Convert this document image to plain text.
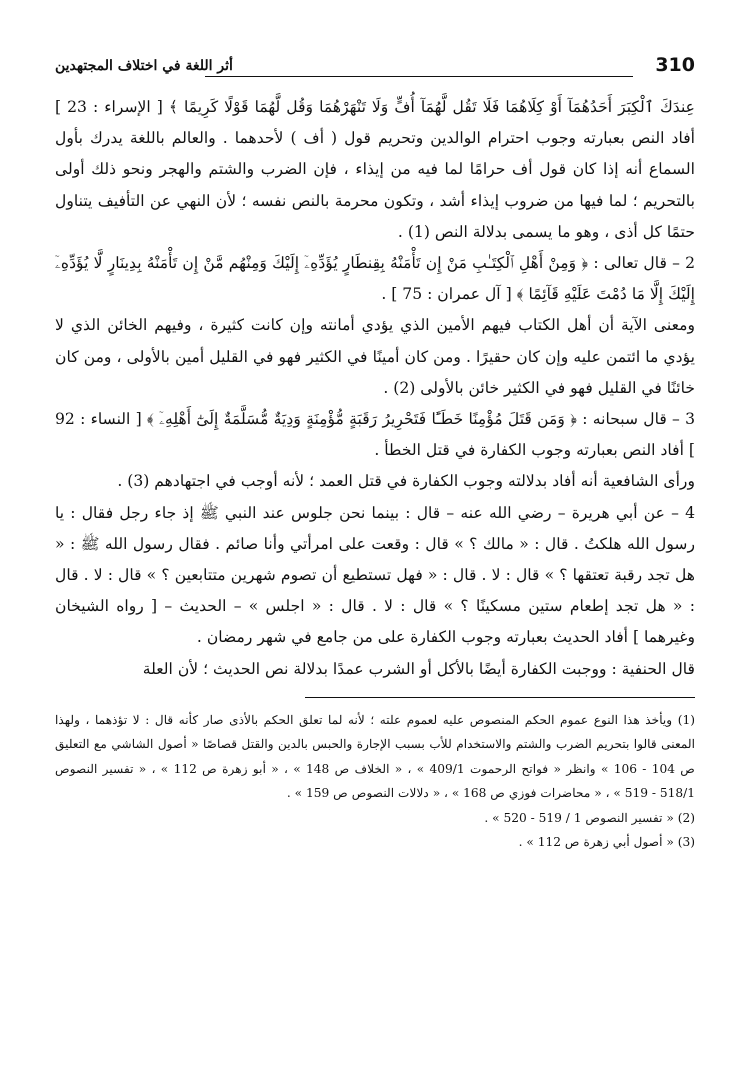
310
أثر اللغة في اختلاف المجتهدين

عِندَكَ ٱلْكِبَرَ أَحَدُهُمَآ أَوْ كِلَاهُمَا فَلَا تَقُل لَّهُمَآ أُفٍّ وَلَا تَنْهَرْهُمَا وَقُل لَّهُمَا قَوْلًا كَرِيمًا ﴾ [ الإسراء : 23 ] أفاد النص بعبارته وجوب احترام الوالدين وتحريم قول ( أف ) لأحدهما . والعالم باللغة يدرك بأول السماع أنه إذا كان قول أف حرامًا لما فيه من إيذاء ، فإن الضرب والشتم والهجر ونحو ذلك أولى بالتحريم ؛ لما فيها من ضروب إيذاء أشد ، وتكون محرمة بالنص نفسه ؛ لأن النهي عن التأفيف يتناول حتمًا كل أذى ، وهو ما يسمى بدلالة النص (1) .

2 – قال تعالى : ﴿ وَمِنْ أَهْلِ ٱلْكِتَـٰبِ مَنْ إِن تَأْمَنْهُ بِقِنطَارٍ يُؤَدِّهِۦٓ إِلَيْكَ وَمِنْهُم مَّنْ إِن تَأْمَنْهُ بِدِينَارٍ لَّا يُؤَدِّهِۦٓ إِلَيْكَ إِلَّا مَا دُمْتَ عَلَيْهِ قَآئِمًا ﴾ [ آل عمران : 75 ] .

ومعنى الآية أن أهل الكتاب فيهم الأمين الذي يؤدي أمانته وإن كانت كثيرة ، وفيهم الخائن الذي لا يؤدي ما ائتمن عليه وإن كان حقيرًا . ومن كان أمينًا في الكثير فهو في القليل أمين بالأولى ، ومن كان خائنًا في القليل فهو في الكثير خائن بالأولى (2) .

3 – قال سبحانه : ﴿ وَمَن قَتَلَ مُؤْمِنًا خَطَـًٔا فَتَحْرِيرُ رَقَبَةٍ مُّؤْمِنَةٍ وَدِيَةٌ مُّسَلَّمَةٌ إِلَىٰٓ أَهْلِهِۦٓ ﴾ [ النساء : 92 ] أفاد النص بعبارته وجوب الكفارة في قتل الخطأ .

ورأى الشافعية أنه أفاد بدلالته وجوب الكفارة في قتل العمد ؛ لأنه أوجب في اجتهادهم (3) .

4 – عن أبي هريرة – رضي الله عنه – قال : بينما نحن جلوس عند النبي ﷺ إذ جاء رجل فقال : يا رسول الله هلكتُ . قال : « مالك ؟ » قال : وقعت على امرأتي وأنا صائم . فقال رسول الله ﷺ : « هل تجد رقبة تعتقها ؟ » قال : لا . قال : « فهل تستطيع أن تصوم شهرين متتابعين ؟ » قال : لا . قال : « هل تجد إطعام ستين مسكينًا ؟ » قال : لا . قال : « اجلس » – الحديث – [ رواه الشيخان وغيرهما ] أفاد الحديث بعبارته وجوب الكفارة على من جامع في شهر رمضان .

قال الحنفية : ووجبت الكفارة أيضًا بالأكل أو الشرب عمدًا بدلالة نص الحديث ؛ لأن العلة

(1) ويأخذ هذا النوع عموم الحكم المنصوص عليه لعموم علته ؛ لأنه لما تعلق الحكم بالأذى صار كأنه قال : لا تؤذهما ، ولهذا المعنى قالوا بتحريم الضرب والشتم والاستخدام للأب بسبب الإجارة والحبس بالدين والقتل قصاصًا « أصول الشاشي مع التعليق ص 104 - 106 » وانظر « فواتح الرحموت 409/1 » ، « الخلاف ص 148 » ، « أبو زهرة ص 112 » ، « تفسير النصوص 518/1 - 519 » ، « محاضرات فوزي ص 168 » ، « دلالات النصوص ص 159 » .

(2) « تفسير النصوص 1 / 519 - 520 » .

(3) « أصول أبي زهرة ص 112 » .
